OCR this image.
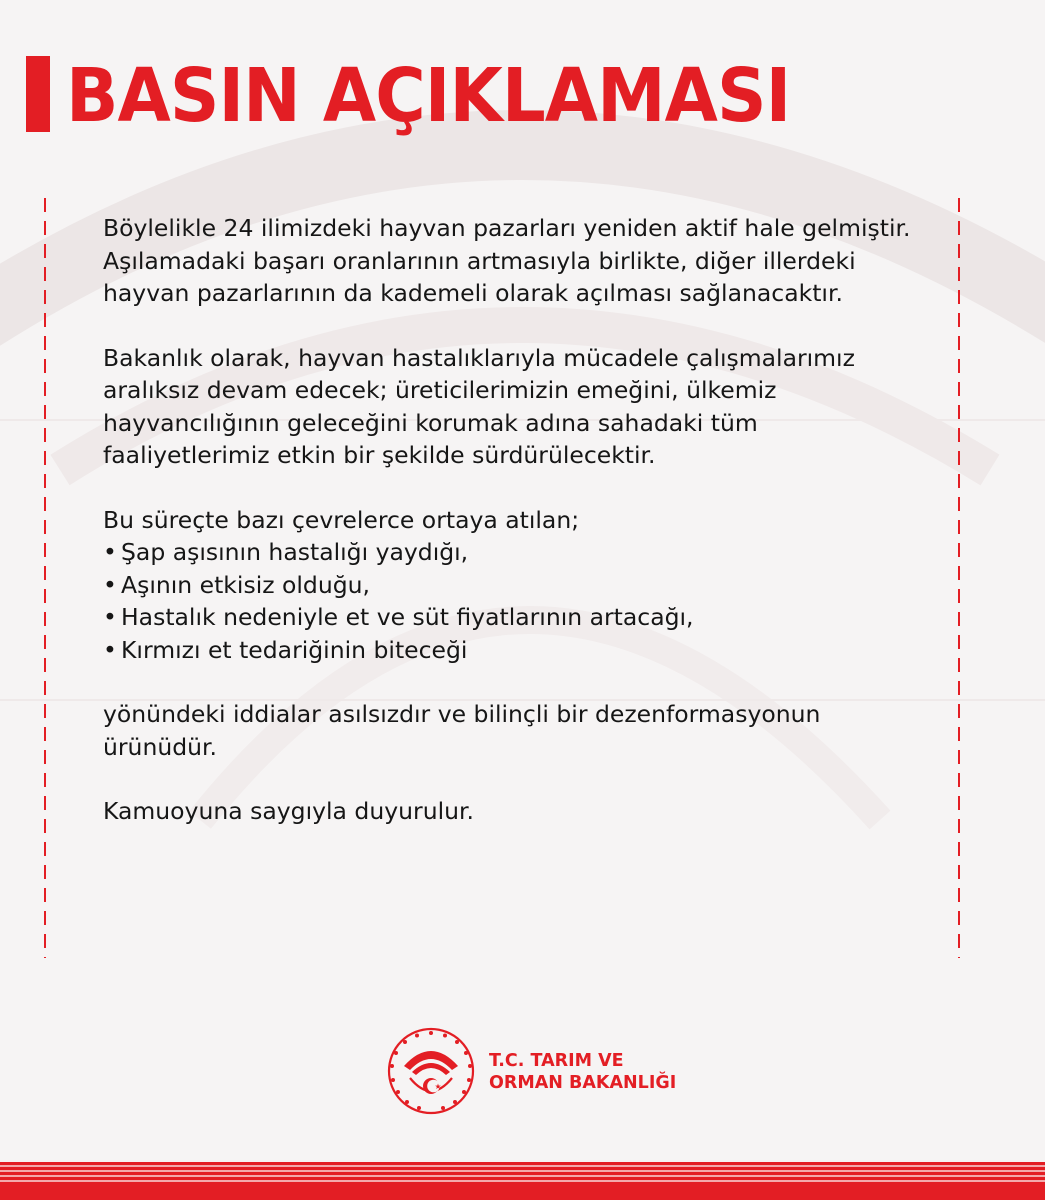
BASIN AÇIKLAMASI

Böylelikle 24 ilimizdeki hayvan pazarları yeniden aktif hale gelmiştir.
Aşılamadaki başarı oranlarının artmasıyla birlikte, diğer illerdeki
hayvan pazarlarının da kademeli olarak açılması sağlanacaktır.

Bakanlık olarak, hayvan hastalıklarıyla mücadele çalışmalarımız
aralıksız devam edecek; üreticilerimizin emeğini, ülkemiz
hayvancılığının geleceğini korumak adına sahadaki tüm
faaliyetlerimiz etkin bir şekilde sürdürülecektir.

Bu süreçte bazı çevrelerce ortaya atılan;
• Şap aşısının hastalığı yaydığı,
• Aşının etkisiz olduğu,
• Hastalık nedeniyle et ve süt fiyatlarının artacağı,
• Kırmızı et tedariğinin biteceği

yönündeki iddialar asılsızdır ve bilinçli bir dezenformasyonun
ürünüdür.

Kamuoyuna saygıyla duyurulur.

T.C. TARIM VE
ORMAN BAKANLIĞI
